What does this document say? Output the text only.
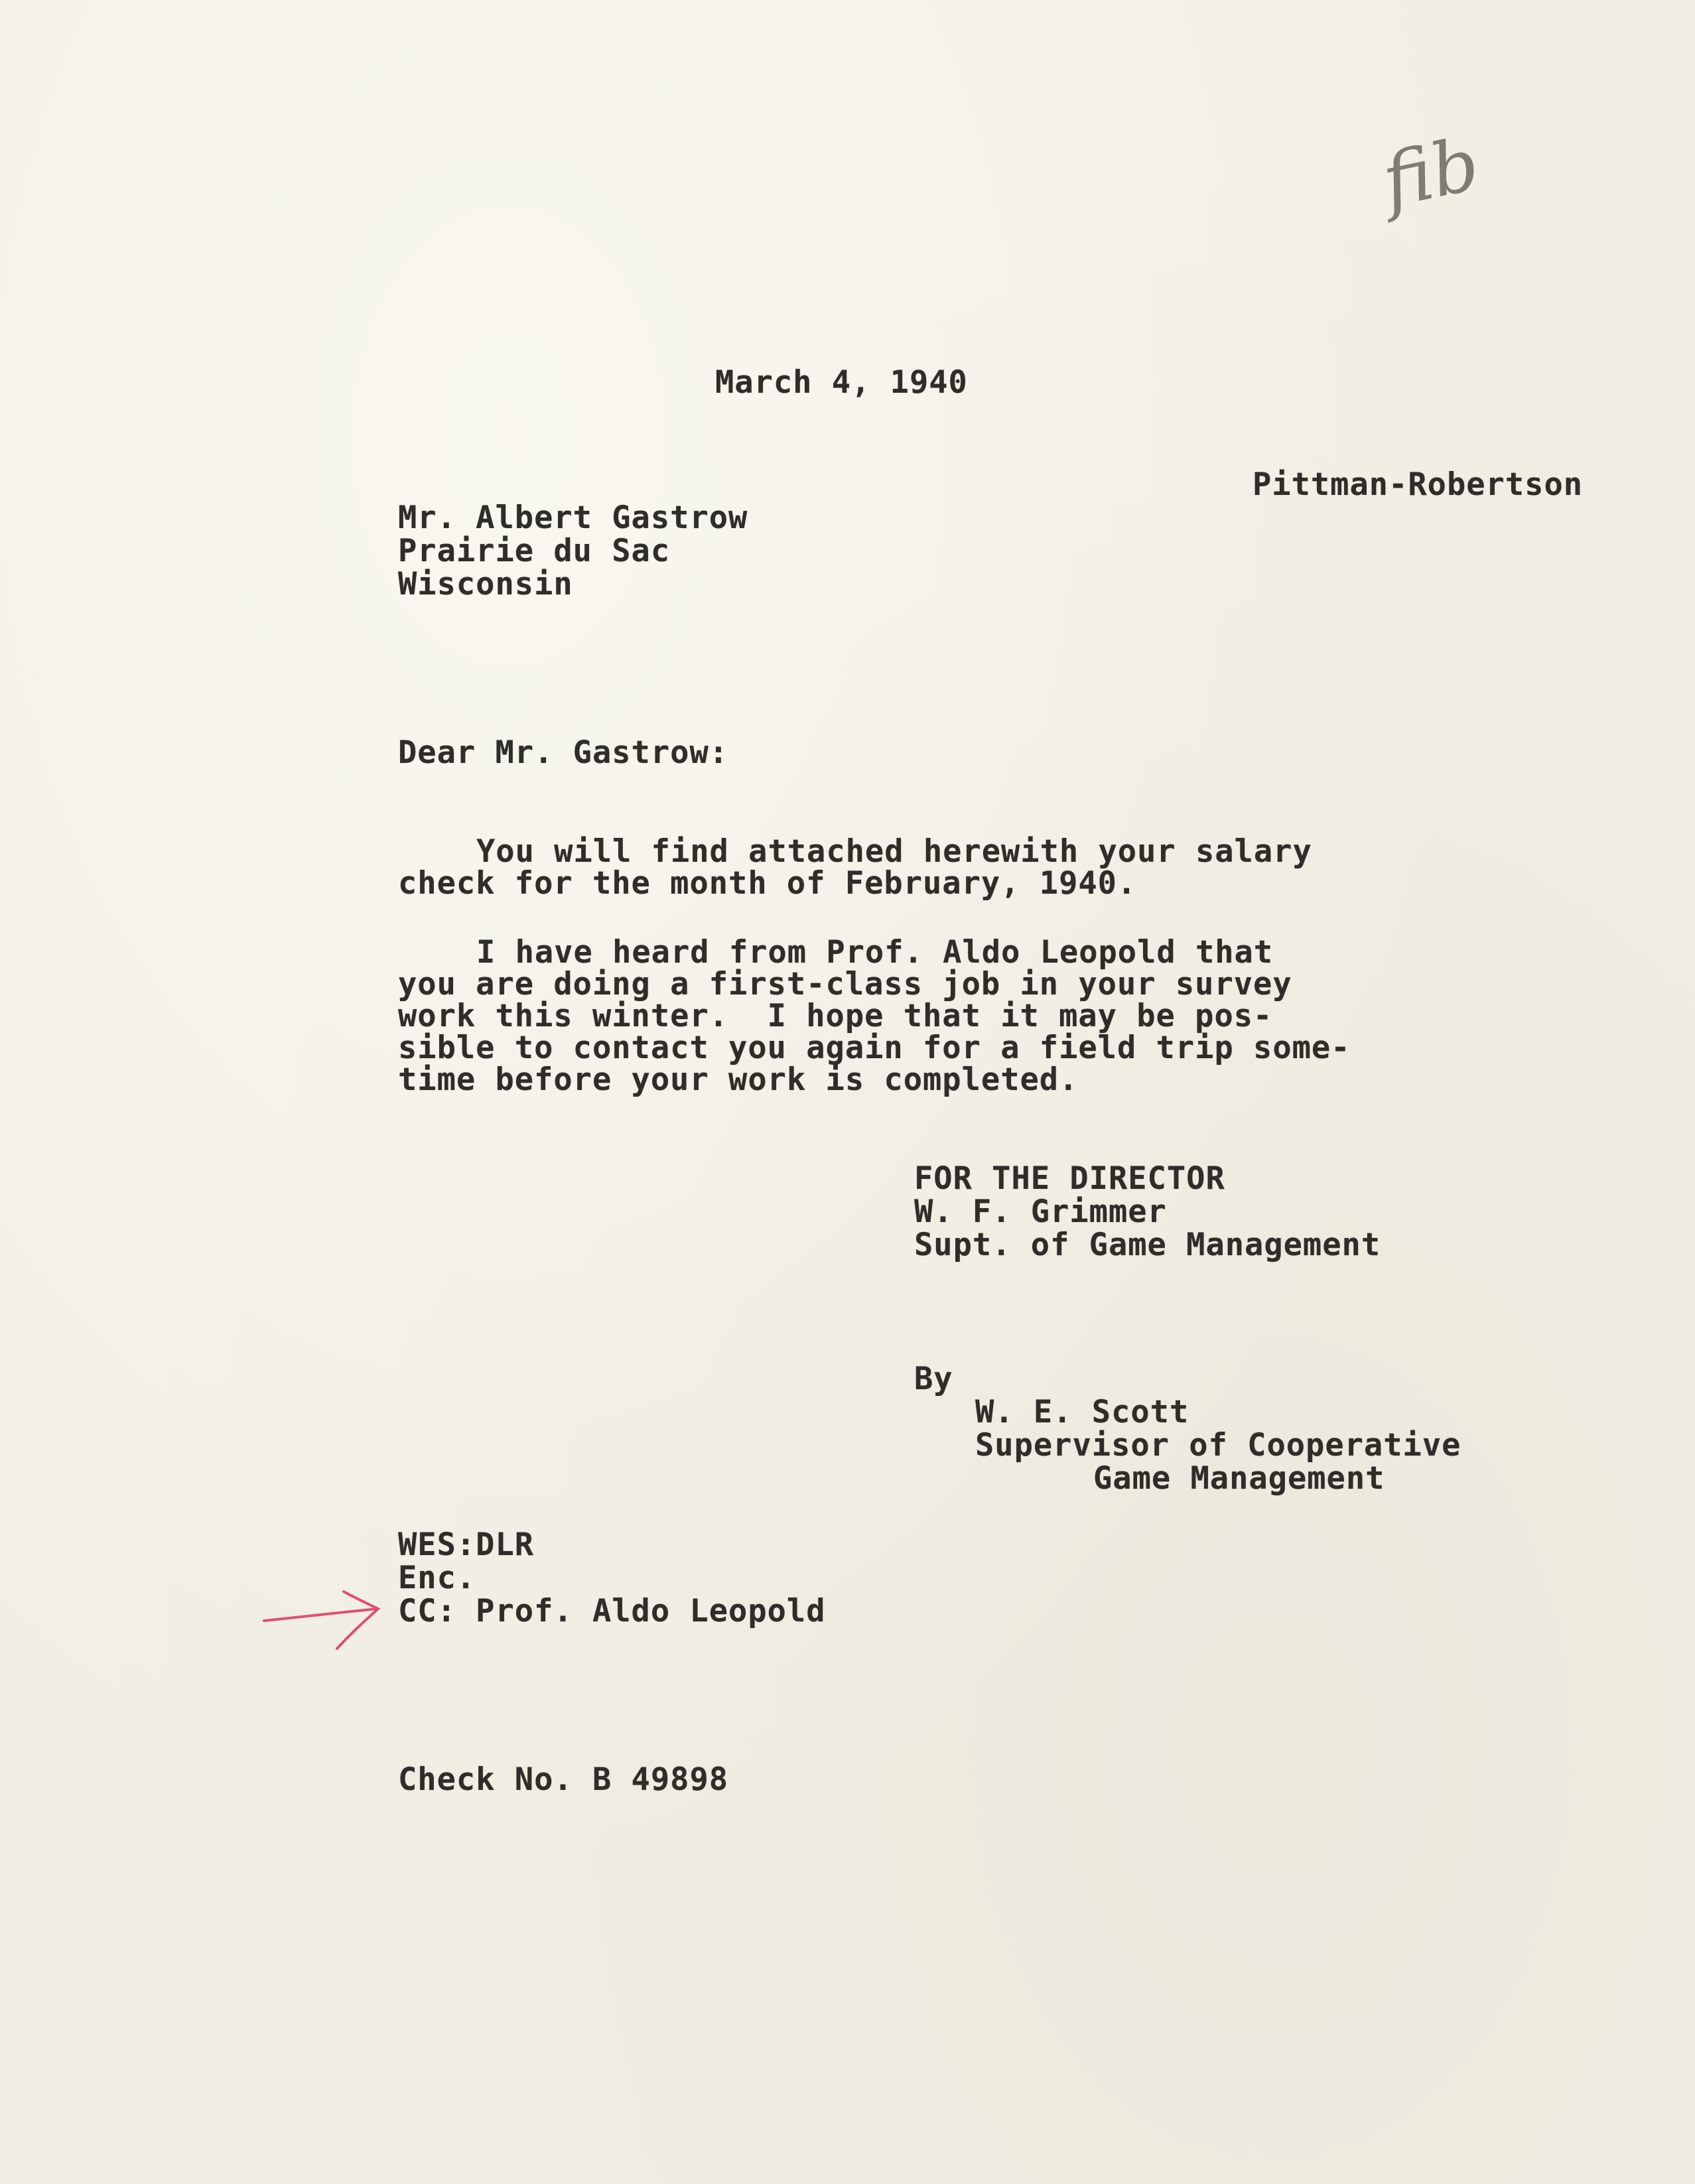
fib
March 4, 1940
Pittman-Robertson
Mr. Albert Gastrow
Prairie du Sac
Wisconsin
Dear Mr. Gastrow:
You will find attached herewith your salary
check for the month of February, 1940.
I have heard from Prof. Aldo Leopold that
you are doing a first-class job in your survey
work this winter.  I hope that it may be pos-
sible to contact you again for a field trip some-
time before your work is completed.
FOR THE DIRECTOR
W. F. Grimmer
Supt. of Game Management
By
W. E. Scott
Supervisor of Cooperative
Game Management
WES:DLR
Enc.
CC: Prof. Aldo Leopold
Check No. B 49898
